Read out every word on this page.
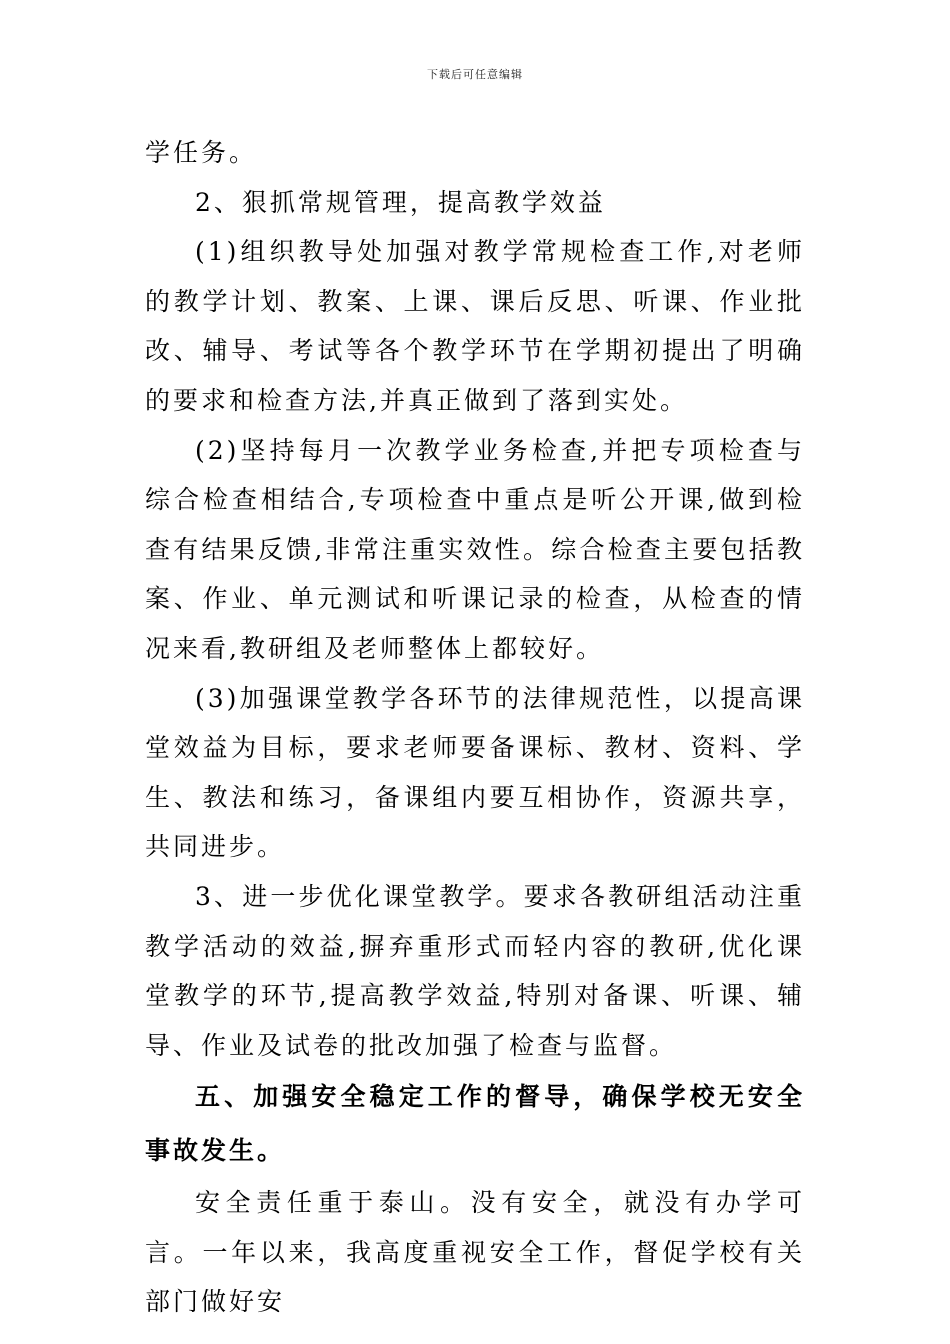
下载后可任意编辑

学任务。

2、狠抓常规管理，提高教学效益

(1)组织教导处加强对教学常规检查工作,对老师的教学计划、教案、上课、课后反思、听课、作业批改、辅导、考试等各个教学环节在学期初提出了明确的要求和检查方法,并真正做到了落到实处。

(2)坚持每月一次教学业务检查,并把专项检查与综合检查相结合,专项检查中重点是听公开课,做到检查有结果反馈,非常注重实效性。综合检查主要包括教案、作业、单元测试和听课记录的检查，从检查的情况来看,教研组及老师整体上都较好。

(3)加强课堂教学各环节的法律规范性，以提高课堂效益为目标，要求老师要备课标、教材、资料、学生、教法和练习，备课组内要互相协作，资源共享，共同进步。

3、进一步优化课堂教学。要求各教研组活动注重教学活动的效益,摒弃重形式而轻内容的教研,优化课堂教学的环节,提高教学效益,特别对备课、听课、辅导、作业及试卷的批改加强了检查与监督。

五、加强安全稳定工作的督导，确保学校无安全事故发生。

安全责任重于泰山。没有安全，就没有办学可言。一年以来，我高度重视安全工作，督促学校有关部门做好安
